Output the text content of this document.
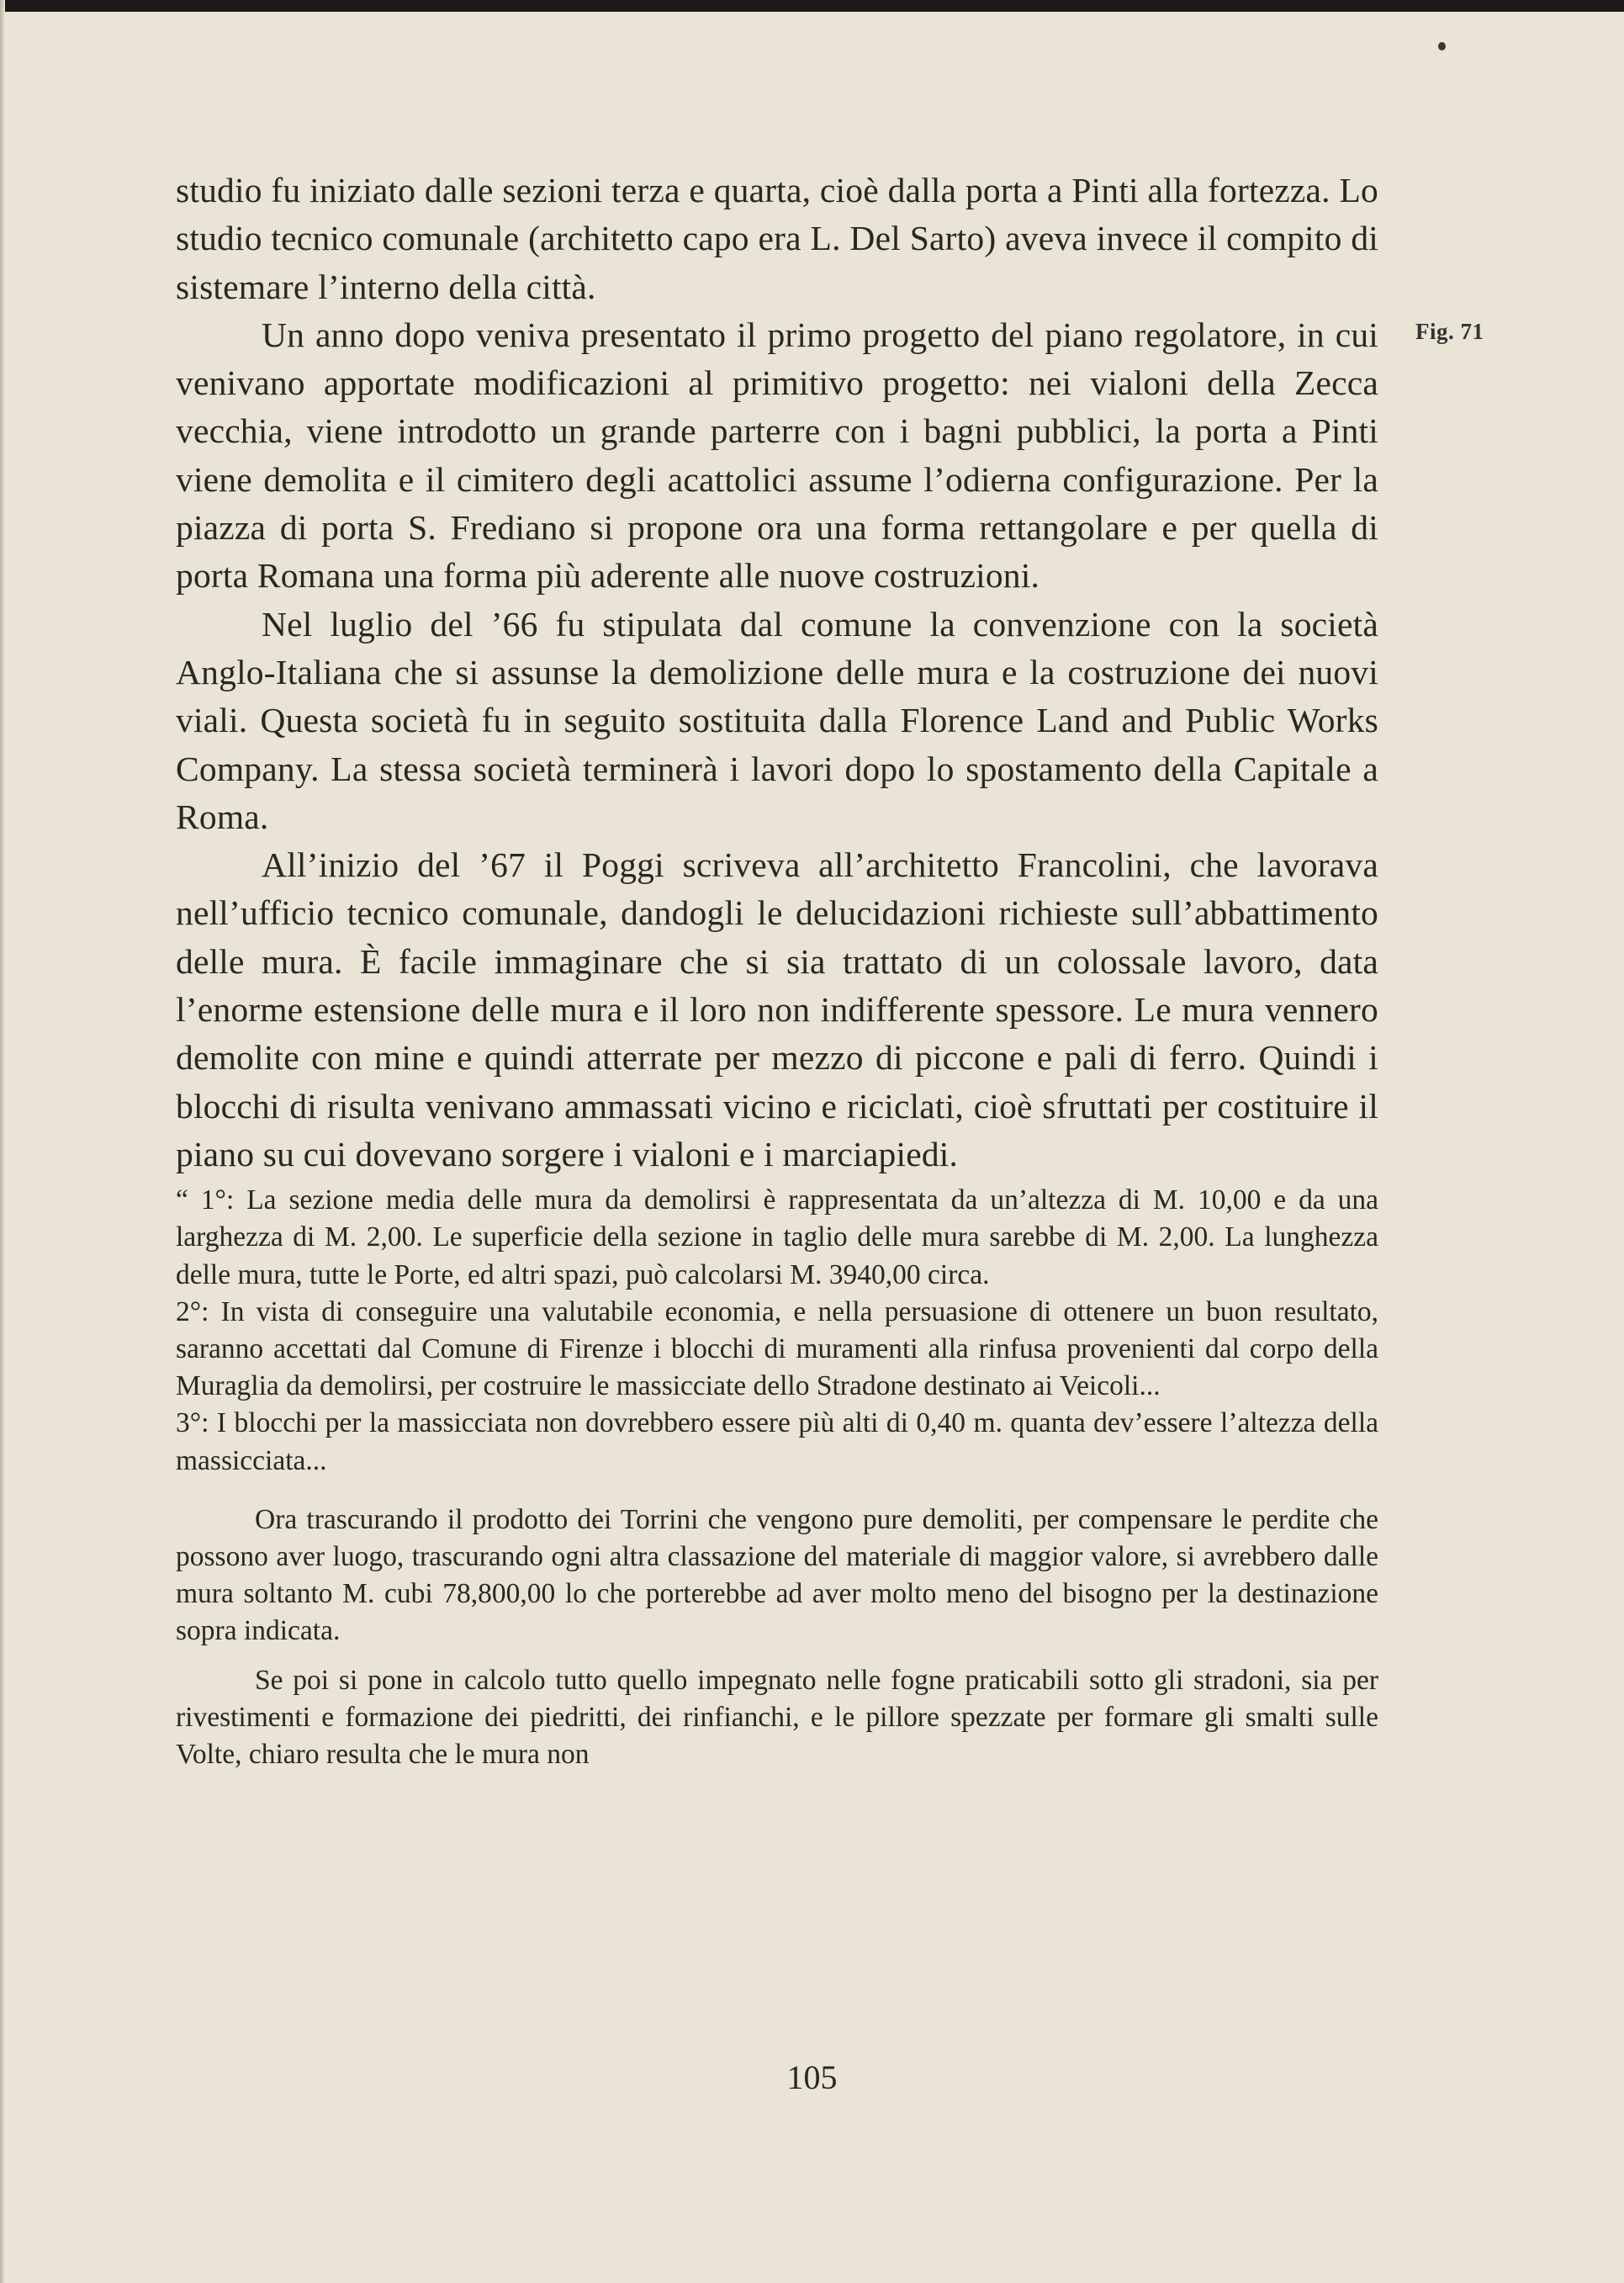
Fig. 71

studio fu iniziato dalle sezioni terza e quarta, cioè dalla porta a Pinti alla fortezza. Lo studio tecnico comunale (architetto capo era L. Del Sarto) aveva invece il compito di sistemare l’interno della città.

Un anno dopo veniva presentato il primo progetto del piano regolatore, in cui venivano apportate modificazioni al primitivo progetto: nei vialoni della Zecca vecchia, viene introdotto un grande parterre con i bagni pubblici, la porta a Pinti viene demolita e il cimitero degli acattolici assume l’odierna configurazione. Per la piazza di porta S. Frediano si propone ora una forma rettangolare e per quella di porta Romana una forma più aderente alle nuove costruzioni.

Nel luglio del ’66 fu stipulata dal comune la convenzione con la società Anglo-Italiana che si assunse la demolizione delle mura e la costruzione dei nuovi viali. Questa società fu in seguito sostituita dalla Florence Land and Public Works Company. La stessa società terminerà i lavori dopo lo spostamento della Capitale a Roma.

All’inizio del ’67 il Poggi scriveva all’architetto Francolini, che lavorava nell’ufficio tecnico comunale, dandogli le delucidazioni richieste sull’abbattimento delle mura. È facile immaginare che si sia trattato di un colossale lavoro, data l’enorme estensione delle mura e il loro non indifferente spessore. Le mura vennero demolite con mine e quindi atterrate per mezzo di piccone e pali di ferro. Quindi i blocchi di risulta venivano ammassati vicino e riciclati, cioè sfruttati per costituire il piano su cui dovevano sorgere i vialoni e i marciapiedi.

“ 1°: La sezione media delle mura da demolirsi è rappresentata da un’altezza di M. 10,00 e da una larghezza di M. 2,00. Le superficie della sezione in taglio delle mura sarebbe di M. 2,00. La lunghezza delle mura, tutte le Porte, ed altri spazi, può calcolarsi M. 3940,00 circa.

2°: In vista di conseguire una valutabile economia, e nella persuasione di ottenere un buon resultato, saranno accettati dal Comune di Firenze i blocchi di muramenti alla rinfusa provenienti dal corpo della Muraglia da demolirsi, per costruire le massicciate dello Stradone destinato ai Veicoli...

3°: I blocchi per la massicciata non dovrebbero essere più alti di 0,40 m. quanta dev’essere l’altezza della massicciata...

Ora trascurando il prodotto dei Torrini che vengono pure demoliti, per compensare le perdite che possono aver luogo, trascurando ogni altra classazione del materiale di maggior valore, si avrebbero dalle mura soltanto M. cubi 78,800,00 lo che porterebbe ad aver molto meno del bisogno per la destinazione sopra indicata.

Se poi si pone in calcolo tutto quello impegnato nelle fogne praticabili sotto gli stradoni, sia per rivestimenti e formazione dei piedritti, dei rinfianchi, e le pillore spezzate per formare gli smalti sulle Volte, chiaro resulta che le mura non

105
